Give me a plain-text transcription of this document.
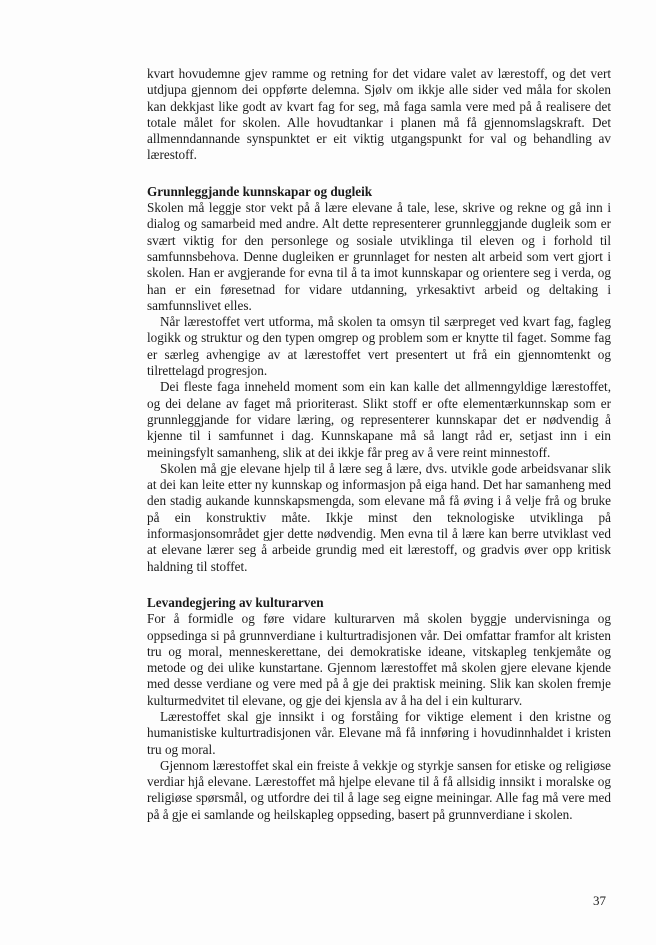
kvart hovudemne gjev ramme og retning for det vidare valet av lærestoff, og det vert utdjupa gjennom dei oppførte delemna. Sjølv om ikkje alle sider ved måla for skolen kan dekkjast like godt av kvart fag for seg, må faga samla vere med på å realisere det totale målet for skolen. Alle hovudtankar i planen må få gjennomslagskraft. Det allmenndannande synspunktet er eit viktig utgangspunkt for val og behandling av lærestoff.

Grunnleggjande kunnskapar og dugleik

Skolen må leggje stor vekt på å lære elevane å tale, lese, skrive og rekne og gå inn i dialog og samarbeid med andre. Alt dette representerer grunnleggjande dugleik som er svært viktig for den personlege og sosiale utviklinga til eleven og i forhold til samfunnsbehova. Denne dugleiken er grunnlaget for nesten alt arbeid som vert gjort i skolen. Han er avgjerande for evna til å ta imot kunnskapar og orientere seg i verda, og han er ein føresetnad for vidare utdanning, yrkesaktivt arbeid og deltaking i samfunnslivet elles.

Når lærestoffet vert utforma, må skolen ta omsyn til særpreget ved kvart fag, fagleg logikk og struktur og den typen omgrep og problem som er knytte til faget. Somme fag er særleg avhengige av at lærestoffet vert presentert ut frå ein gjennomtenkt og tilrettelagd progresjon.

Dei fleste faga inneheld moment som ein kan kalle det allmenngyldige lærestoffet, og dei delane av faget må prioriterast. Slikt stoff er ofte elementærkunnskap som er grunnleggjande for vidare læring, og representerer kunnskapar det er nødvendig å kjenne til i samfunnet i dag. Kunnskapane må så langt råd er, setjast inn i ein meiningsfylt samanheng, slik at dei ikkje får preg av å vere reint minnestoff.

Skolen må gje elevane hjelp til å lære seg å lære, dvs. utvikle gode arbeidsvanar slik at dei kan leite etter ny kunnskap og informasjon på eiga hand. Det har samanheng med den stadig aukande kunnskapsmengda, som elevane må få øving i å velje frå og bruke på ein konstruktiv måte. Ikkje minst den teknologiske utviklinga på informasjonsområdet gjer dette nødvendig. Men evna til å lære kan berre utviklast ved at elevane lærer seg å arbeide grundig med eit lærestoff, og gradvis øver opp kritisk haldning til stoffet.

Levandegjering av kulturarven

For å formidle og føre vidare kulturarven må skolen byggje undervisninga og oppsedinga si på grunnverdiane i kulturtradisjonen vår. Dei omfattar framfor alt kristen tru og moral, menneskerettane, dei demokratiske ideane, vitskapleg tenkjemåte og metode og dei ulike kunstartane. Gjennom lærestoffet må skolen gjere elevane kjende med desse verdiane og vere med på å gje dei praktisk meining. Slik kan skolen fremje kulturmedvitet til elevane, og gje dei kjensla av å ha del i ein kulturarv.

Lærestoffet skal gje innsikt i og forståing for viktige element i den kristne og humanistiske kulturtradisjonen vår. Elevane må få innføring i hovudinnhaldet i kristen tru og moral.

Gjennom lærestoffet skal ein freiste å vekkje og styrkje sansen for etiske og religiøse verdiar hjå elevane. Lærestoffet må hjelpe elevane til å få allsidig innsikt i moralske og religiøse spørsmål, og utfordre dei til å lage seg eigne meiningar. Alle fag må vere med på å gje ei samlande og heilskapleg oppseding, basert på grunnverdiane i skolen.

37
